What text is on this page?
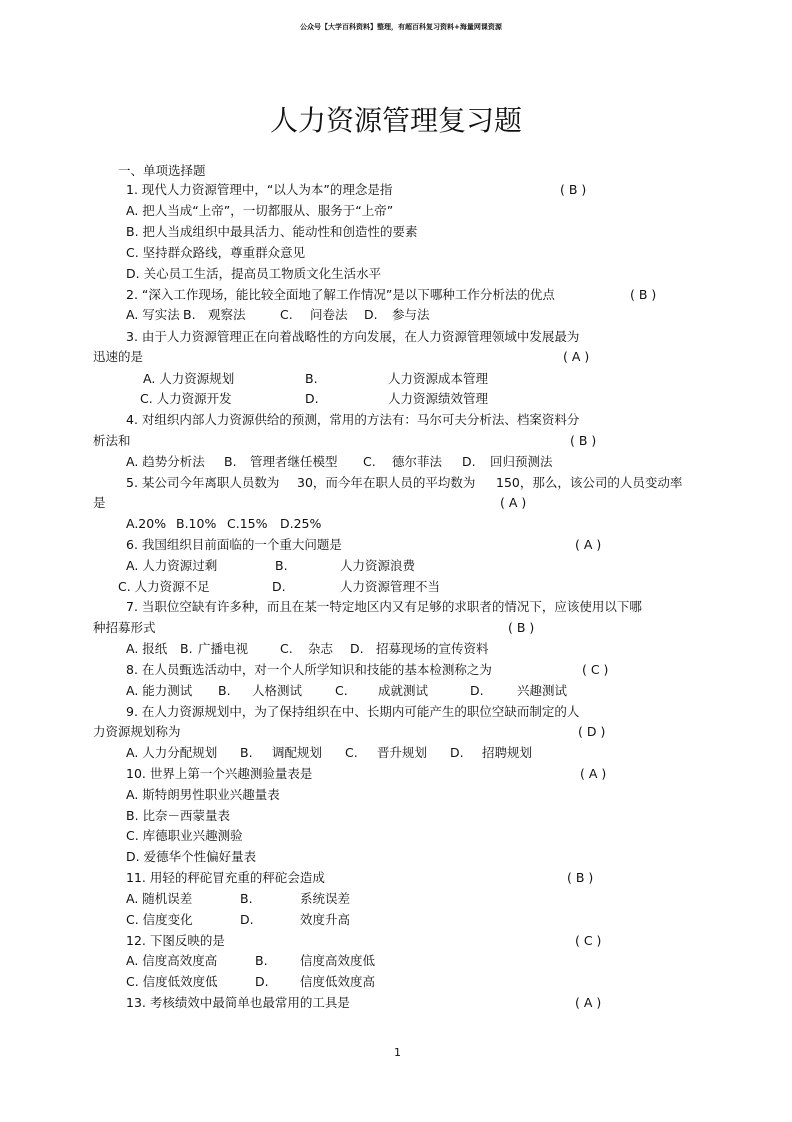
公众号【大学百科资料】整理，有超百科复习资料+海量网课资源
人力资源管理复习题
一、单项选择题
1
1. 现代人力资源管理中，“以人为本”的理念是指	( B )
A. 把人当成“上帝”，一切都服从、服务于“上帝”
B. 把人当成组织中最具活力、能动性和创造性的要素
C. 坚持群众路线，尊重群众意见
D. 关心员工生活，提高员工物质文化生活水平
2. “深入工作现场，能比较全面地了解工作情况”是以下哪种工作分析法的优点	( B )
A. 写实法 B. 观察法	C. 问卷法 D. 参与法
3. 由于人力资源管理正在向着战略性的方向发展，在人力资源管理领域中发展最为
迅速的是	( A )
A. 人力资源规划	B.	人力资源成本管理
C. 人力资源开发	D.	人力资源绩效管理
4. 对组织内部人力资源供给的预测，常用的方法有：马尔可夫分析法、档案资料分
析法和	( B )
A. 趋势分析法 B. 管理者继任模型 C. 德尔菲法 D. 回归预测法
5. 某公司今年离职人员数为 30，而今年在职人员的平均数为 150，那么，该公司的人员变动率
是	( A )
A.20% B.10% C.15% D.25%
6. 我国组织目前面临的一个重大问题是	( A )
A. 人力资源过剩	B.	人力资源浪费
C. 人力资源不足	D.	人力资源管理不当
7. 当职位空缺有许多种，而且在某一特定地区内又有足够的求职者的情况下，应该使用以下哪
种招募形式	( B )
A. 报纸 B. 广播电视	C. 杂志 D. 招募现场的宣传资料
8. 在人员甄选活动中，对一个人所学知识和技能的基本检测称之为	( C )
A. 能力测试 B. 人格测试	C. 成就测试	D.	兴趣测试
9. 在人力资源规划中，为了保持组织在中、长期内可能产生的职位空缺而制定的人
力资源规划称为	( D )
A. 人力分配规划 B. 调配规划 C. 晋升规划 D. 招聘规划
10. 世界上第一个兴趣测验量表是	( A )
A. 斯特朗男性职业兴趣量表
B. 比奈－西蒙量表
C. 库德职业兴趣测验
D. 爱德华个性偏好量表
11. 用轻的秤砣冒充重的秤砣会造成	( B )
A. 随机误差	B.	系统误差
C. 信度变化	D.	效度升高
12. 下图反映的是	( C )
A. 信度高效度高	B.	信度高效度低
C. 信度低效度低	D.	信度低效度高
13. 考核绩效中最简单也最常用的工具是	( A )
